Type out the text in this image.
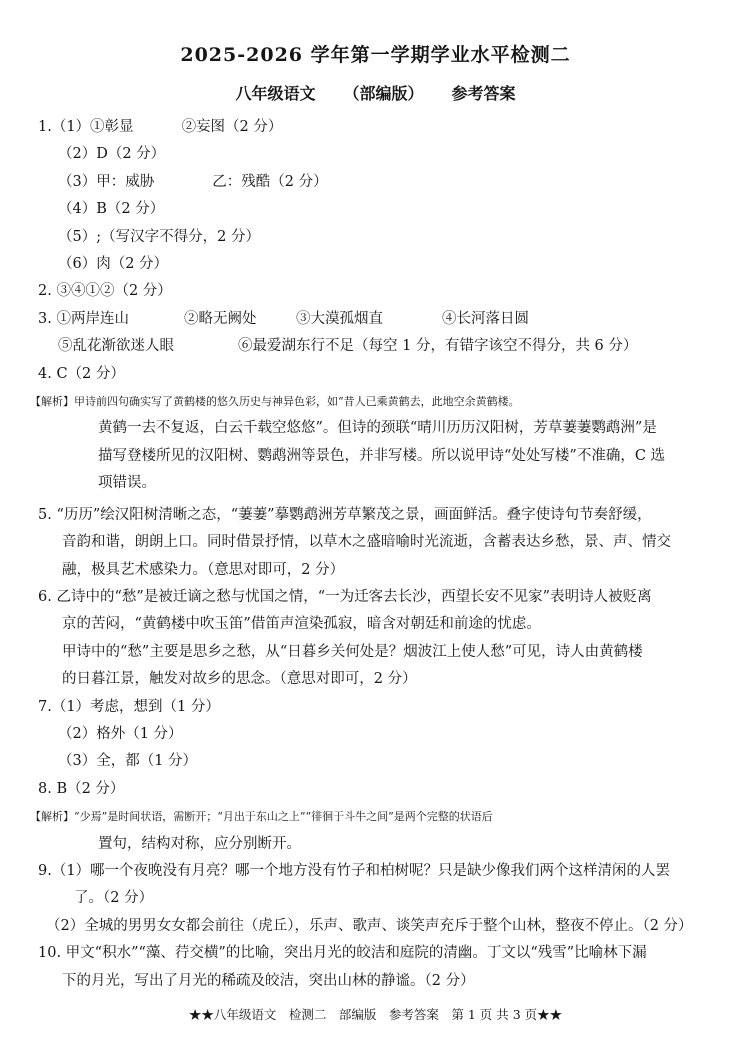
2025-2026 学年第一学期学业水平检测二
八年级语文 （部编版） 参考答案
1.（1）①彰显	②妄图（2 分）
（2）D（2 分）
（3）甲：威胁	乙：残酷（2 分）
（4）B（2 分）
（5）;（写汉字不得分，2 分）
（6）肉（2 分）
2. ③④①②（2 分）
3. ①两岸连山	②略无阙处	③大漠孤烟直	④长河落日圆
⑤乱花渐欲迷人眼	⑥最爱湖东行不足（每空 1 分，有错字该空不得分，共 6 分）
4. C（2 分）
【解析】甲诗前四句确实写了黄鹤楼的悠久历史与神异色彩，如“昔人已乘黄鹤去，此地空余黄鹤楼。
黄鹤一去不复返，白云千载空悠悠”。但诗的颈联“晴川历历汉阳树，芳草萋萋鹦鹉洲”是
描写登楼所见的汉阳树、鹦鹉洲等景色，并非写楼。所以说甲诗“处处写楼”不准确，C 选
项错误。
5. “历历”绘汉阳树清晰之态，“萋萋”摹鹦鹉洲芳草繁茂之景，画面鲜活。叠字使诗句节奏舒缓，
音韵和谐，朗朗上口。同时借景抒情，以草木之盛暗喻时光流逝，含蓄表达乡愁，景、声、情交
融，极具艺术感染力。（意思对即可，2 分）
6. 乙诗中的“愁”是被迁谪之愁与忧国之情，“一为迁客去长沙，西望长安不见家”表明诗人被贬离
京的苦闷，“黄鹤楼中吹玉笛”借笛声渲染孤寂，暗含对朝廷和前途的忧虑。
甲诗中的“愁”主要是思乡之愁，从“日暮乡关何处是？烟波江上使人愁”可见，诗人由黄鹤楼
的日暮江景，触发对故乡的思念。（意思对即可，2 分）
7.（1）考虑，想到（1 分）
（2）格外（1 分）
（3）全，都（1 分）
8. B（2 分）
【解析】“少焉”是时间状语，需断开；“月出于东山之上”“徘徊于斗牛之间”是两个完整的状语后
置句，结构对称，应分别断开。
9.（1）哪一个夜晚没有月亮？哪一个地方没有竹子和柏树呢？只是缺少像我们两个这样清闲的人罢
了。（2 分）
（2）全城的男男女女都会前往（虎丘），乐声、歌声、谈笑声充斥于整个山林，整夜不停止。（2 分）
10. 甲文“积水”“藻、荇交横”的比喻，突出月光的皎洁和庭院的清幽。丁文以“残雪”比喻林下漏
下的月光，写出了月光的稀疏及皎洁，突出山林的静谧。（2 分）
★★八年级语文　检测二　部编版　参考答案　第 1 页 共 3 页★★
